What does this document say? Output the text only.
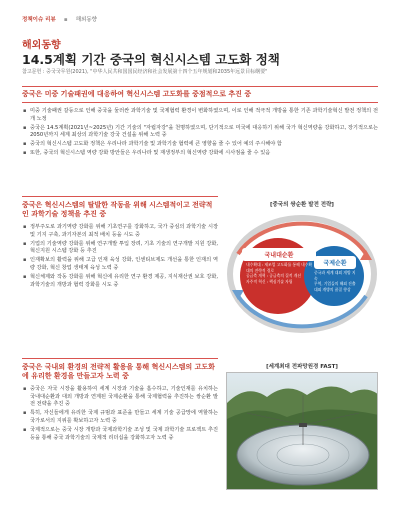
정책이슈 리뷰 ▪ 해외동향
해외동향
14.5계획 기간 중국의 혁신시스템 고도화 정책
참고문헌 : 중국국무원(2021), "中华人民共和国国民经济和社会发展第十四个五年规划和2035年远景目标纲要"
중국은 미중 기술패권에 대응하여 혁신시스템 고도화를 중점적으로 추진 중
▪ 미중 기술패권 갈등으로 인해 중국을 둘러싼 과학기술 및 국제협력 환경이 변화하였으며, 이로 인해 적극적 개방을 통한 기존 과학기술혁신 발전 정책의 전개 노정
▪ 중국은 14.5계획(2021년~2025년) 기간 기술의 "자립자강"을 천명하였으며, 단기적으로 미국에 대응하기 위해 국가 혁신역량을 강화하고, 장기적으로는 2050년까지 세계 최상의 과학기술 강국 건설을 위해 노력 중
▪ 중국의 혁신시스템 고도화 정책은 우리나라 과학기술 및 과학기술 협력에 큰 영향을 줄 수 있어 예의 주시해야 함
▪ 또한, 중국의 혁신시스템 역량 강화 방안들은 우리나라 및 재생정부의 혁신역량 강화에 시사점을 줄 수 있음
중국은 혁신시스템의 탈발한 작동을 위해 시스템적이고 전략적인 과학기술 정책을 추진 중
▪ 정부주도로 과기역량 강화를 위해 기초연구를 강화하고, 국가 중심의 과학기술 시장 및 기지 구축, 과기자본의 최적 배치 등을 시도 중
▪ 기업의 기술역량 강화를 위해 연구개발 투입 장려, 기초 기술의 연구개발 지원 강화, 혁신지원 시스템 강화 등 추진
▪ 인재확보의 활력을 위해 고급 인재 육성 강화, 인센티브제도 개선을 통한 인재의 역량 강화, 혁신 창업 생태계 육성 노력 중
▪ 혁신체제와 작동 강화를 위해 혁신에 유리한 연구 환경 제공, 지식재산권 보호 강화, 과학기술의 개방과 협력 강화를 시도 중
[중국의 쌍순환 발전 전략]
국내대순환
내수확대 : 제조업 고도화를 통해 내수확대의 전략적 경로
공급측 개혁 : 공급측의 질적 개선
자주적 혁신 : 핵심기술 자립
국제순환
중국과 세계 대외 개방 지속
무역, 기업들의 해외 진출
대외 개방의 품질 향상
중국은 국내외 환경의 전략적 활용을 통해 혁신시스템의 고도화에 유리한 환경을 만들고자 노력 중
▪ 중국은 자국 시장을 활용하여 세계 시장과 기술을 흡수하고, 기술인재를 유치하는 국내대순환과 대외 개방과 연계된 국제순환을 통해 국제협력을 추진하는 쌍순환 발전 전략을 추진 중
▪ 특히, 자신들에게 유리한 국제 규범과 표준을 만들고 세계 기술 공급망에 역할하는 국가로서의 지위를 확보하고자 노력 중
▪ 국제적으로는 중국 시장 개방과 국제과학기술 조성 및 국제 과학기술 프로젝트 추진 등을 통해 중국 과학기술의 국제적 리더십을 강화하고자 노력 중
[세계최대 전파망원경 FAST]
